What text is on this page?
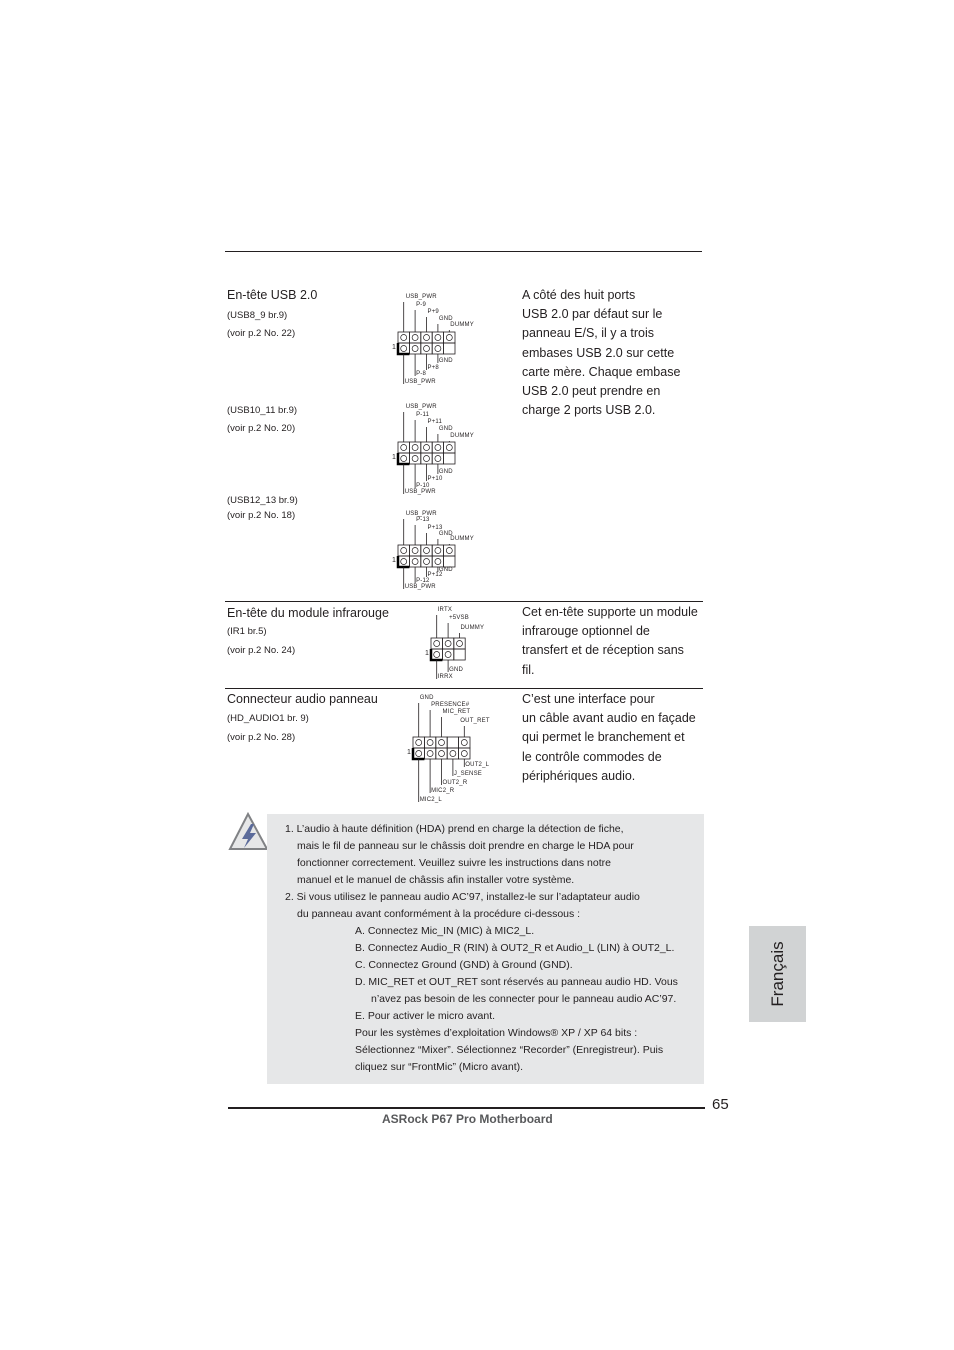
En-tête USB 2.0
(USB8_9 br.9)
(voir p.2 No. 22)
(USB10_11 br.9)
(voir p.2 No. 20)
(USB12_13 br.9)
(voir p.2 No. 18)
A côté des huit ports
USB 2.0 par défaut sur le
panneau E/S, il y a trois
embases USB 2.0 sur cette
carte mère. Chaque embase
USB 2.0 peut prendre en
charge 2 ports USB 2.0.
En-tête du module infrarouge
(IR1 br.5)
(voir p.2 No. 24)
Cet en-tête supporte un module
infrarouge optionnel de
transfert et de réception sans
fil.
Connecteur audio panneau
(HD_AUDIO1 br. 9)
(voir p.2 No. 28)
C’est une interface pour
un câble avant audio en façade
qui permet le branchement et
le contrôle commodes de
périphériques audio.
1
USB_PWR
P-9
P+9
GND
DUMMY
GND
P+8
P-8
USB_PWR
1
USB_PWR
P-11
P+11
GND
DUMMY
GND
P+10
P-10
USB_PWR
1
USB_PWR
P-13
P+13
GND
DUMMY
GND
P+12
P-12
USB_PWR
1
IRTX
+5VSB
DUMMY
GND
IRRX
1
GND
PRESENCE#
MIC_RET
OUT_RET
OUT2_L
J_SENSE
OUT2_R
MIC2_R
MIC2_L
1. L’audio à haute définition (HDA) prend en charge la détection de fiche,
mais le fil de panneau sur le châssis doit prendre en charge le HDA pour
fonctionner correctement. Veuillez suivre les instructions dans notre
manuel et le manuel de châssis afin installer votre système.
2. Si vous utilisez le panneau audio AC’97, installez-le sur l’adaptateur audio
du panneau avant conformément à la procédure ci-dessous :
A. Connectez Mic_IN (MIC) à MIC2_L.
B. Connectez Audio_R (RIN) à OUT2_R et Audio_L (LIN) à OUT2_L.
C. Connectez Ground (GND) à Ground (GND).
D. MIC_RET et OUT_RET sont réservés au panneau audio HD. Vous
n’avez pas besoin de les connecter pour le panneau audio AC’97.
E. Pour activer le micro avant.
Pour les systèmes d’exploitation Windows® XP / XP 64 bits :
Sélectionnez “Mixer”. Sélectionnez “Recorder” (Enregistreur). Puis
cliquez sur “FrontMic” (Micro avant).
65
ASRock P67 Pro Motherboard
Français
